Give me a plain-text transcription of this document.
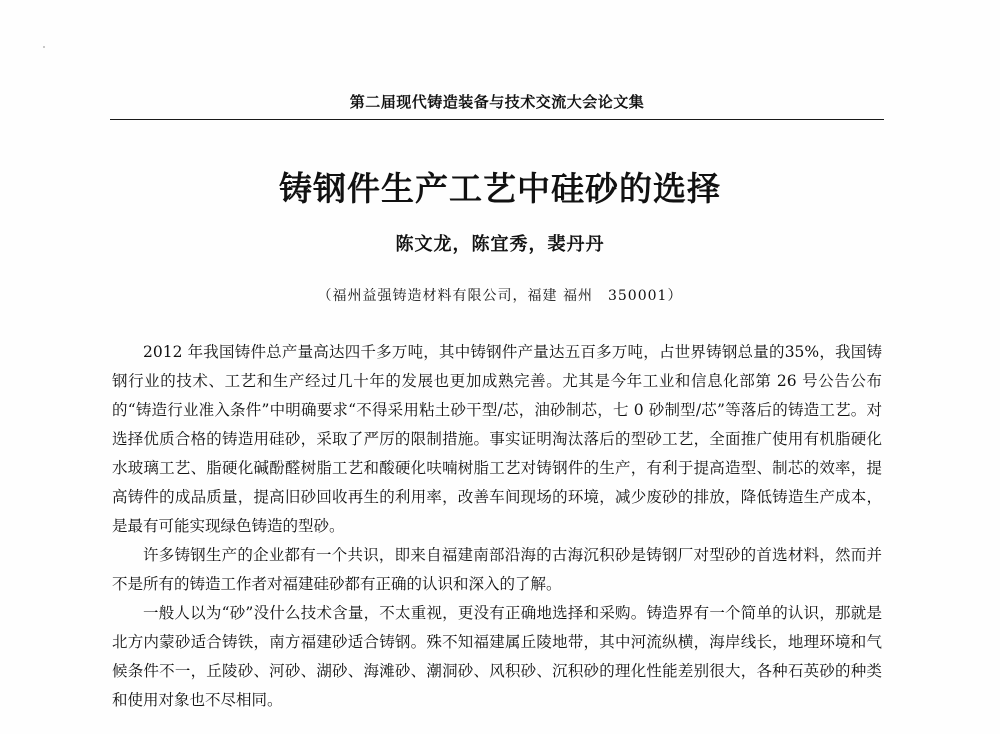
第二届现代铸造装备与技术交流大会论文集
铸钢件生产工艺中硅砂的选择
陈文龙，陈宜秀，裴丹丹
（福州益强铸造材料有限公司，福建 福州　350001）

2012 年我国铸件总产量高达四千多万吨，其中铸钢件产量达五百多万吨，占世界铸钢总量的35%，我国铸钢行业的技术、工艺和生产经过几十年的发展也更加成熟完善。尤其是今年工业和信息化部第 26 号公告公布的“铸造行业准入条件”中明确要求“不得采用粘土砂干型/芯，油砂制芯，七 0 砂制型/芯”等落后的铸造工艺。对选择优质合格的铸造用硅砂，采取了严厉的限制措施。事实证明淘汰落后的型砂工艺，全面推广使用有机脂硬化水玻璃工艺、脂硬化碱酚醛树脂工艺和酸硬化呋喃树脂工艺对铸钢件的生产，有利于提高造型、制芯的效率，提高铸件的成品质量，提高旧砂回收再生的利用率，改善车间现场的环境，减少废砂的排放，降低铸造生产成本，是最有可能实现绿色铸造的型砂。

许多铸钢生产的企业都有一个共识，即来自福建南部沿海的古海沉积砂是铸钢厂对型砂的首选材料，然而并不是所有的铸造工作者对福建硅砂都有正确的认识和深入的了解。

一般人以为“砂”没什么技术含量，不太重视，更没有正确地选择和采购。铸造界有一个简单的认识，那就是北方内蒙砂适合铸铁，南方福建砂适合铸钢。殊不知福建属丘陵地带，其中河流纵横，海岸线长，地理环境和气候条件不一，丘陵砂、河砂、湖砂、海滩砂、潮洞砂、风积砂、沉积砂的理化性能差别很大，各种石英砂的种类和使用对象也不尽相同。
